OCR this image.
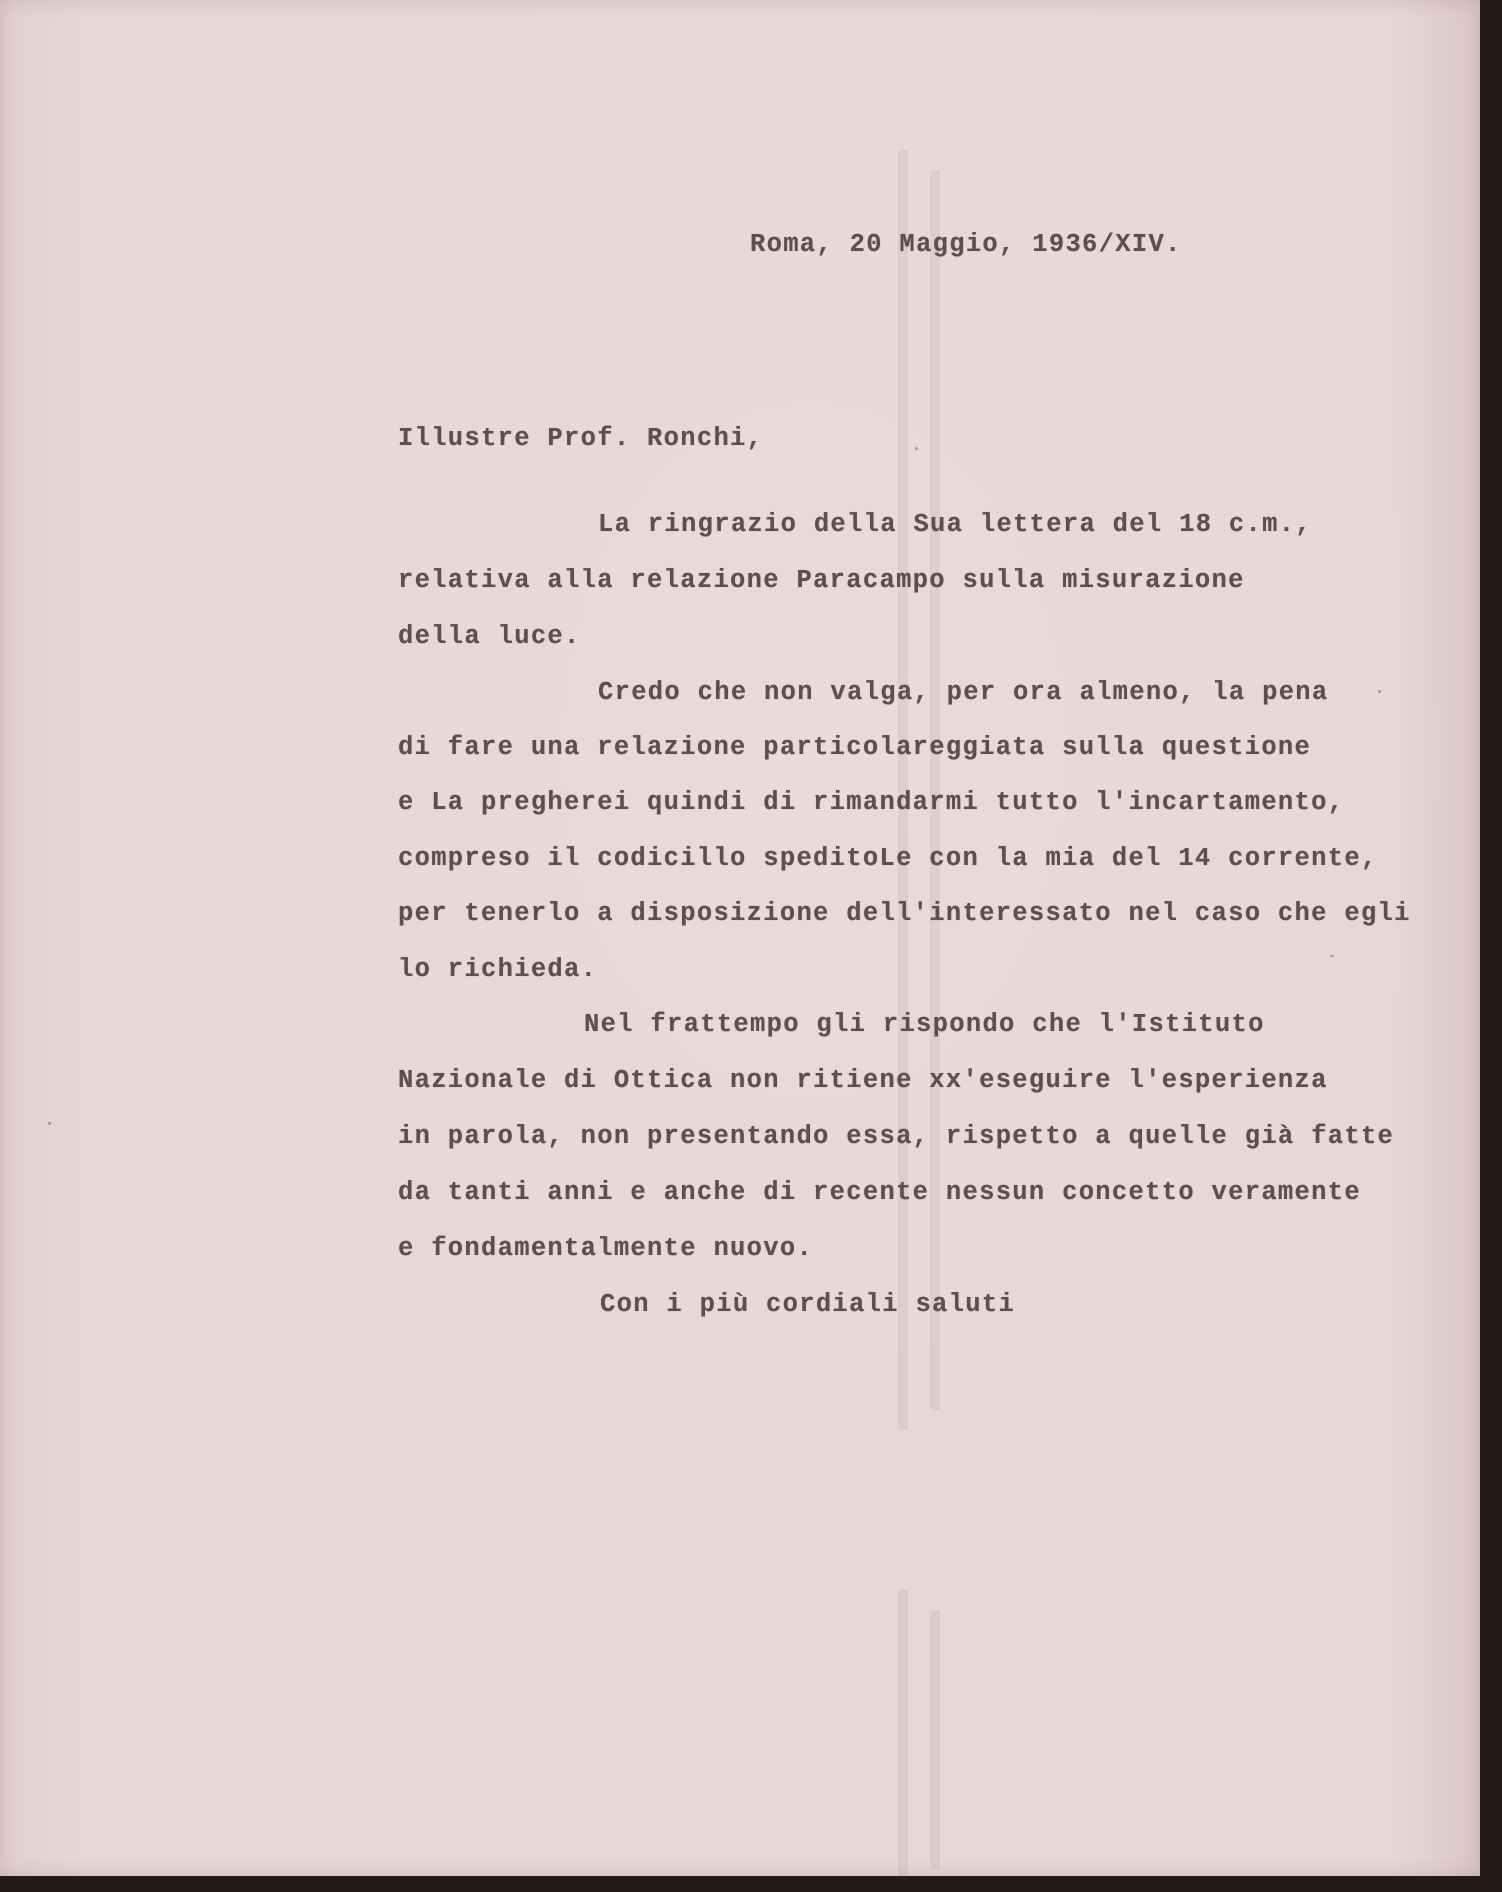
Roma, 20 Maggio, 1936/XIV.
Illustre Prof. Ronchi,
La ringrazio della Sua lettera del 18 c.m.,
relativa alla relazione Paracampo sulla misurazione
della luce.
Credo che non valga, per ora almeno, la pena
di fare una relazione particolareggiata sulla questione
e La pregherei quindi di rimandarmi tutto l'incartamento,
compreso il codicillo speditoLe con la mia del 14 corrente,
per tenerlo a disposizione dell'interessato nel caso che egli
lo richieda.
Nel frattempo gli rispondo che l'Istituto
Nazionale di Ottica non ritiene xx'eseguire l'esperienza
in parola, non presentando essa, rispetto a quelle già fatte
da tanti anni e anche di recente nessun concetto veramente
e fondamentalmente nuovo.
Con i più cordiali saluti
